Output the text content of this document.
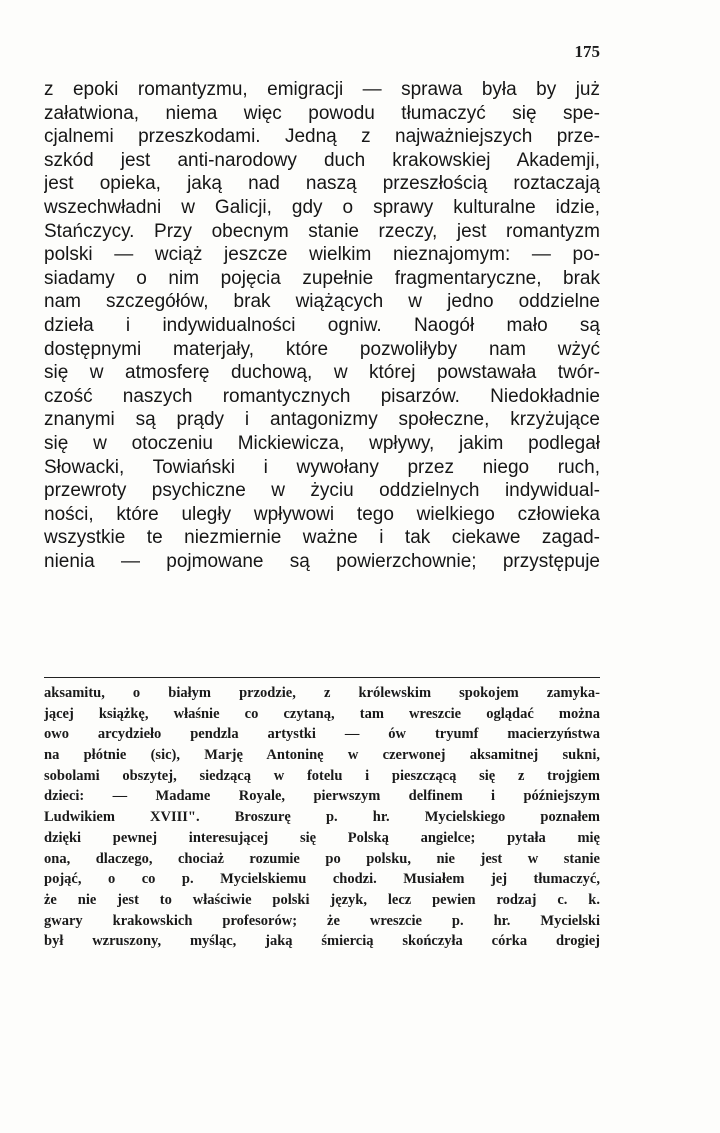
175
z epoki romantyzmu, emigracji — sprawa była by już
załatwiona, niema więc powodu tłumaczyć się spe-
cjalnemi przeszkodami. Jedną z najważniejszych prze-
szkód jest anti-narodowy duch krakowskiej Akademji,
jest opieka, jaką nad naszą przeszłością roztaczają
wszechwładni w Galicji, gdy o sprawy kulturalne idzie,
Stańczycy. Przy obecnym stanie rzeczy, jest romantyzm
polski — wciąż jeszcze wielkim nieznajomym: — po-
siadamy o nim pojęcia zupełnie fragmentaryczne, brak
nam szczegółów, brak wiążących w jedno oddzielne
dzieła i indywidualności ogniw. Naogół mało są
dostępnymi materjały, które pozwoliłyby nam wżyć
się w atmosferę duchową, w której powstawała twór-
czość naszych romantycznych pisarzów. Niedokładnie
znanymi są prądy i antagonizmy społeczne, krzyżujące
się w otoczeniu Mickiewicza, wpływy, jakim podlegał
Słowacki, Towiański i wywołany przez niego ruch,
przewroty psychiczne w życiu oddzielnych indywidual-
ności, które uległy wpływowi tego wielkiego człowieka
wszystkie te niezmiernie ważne i tak ciekawe zagad-
nienia — pojmowane są powierzchownie; przystępuje
aksamitu, o białym przodzie, z królewskim spokojem zamyka-
jącej książkę, właśnie co czytaną, tam wreszcie oglądać można
owo arcydzieło pendzla artystki — ów tryumf macierzyństwa
na płótnie (sic), Marję Antoninę w czerwonej aksamitnej sukni,
sobolami obszytej, siedzącą w fotelu i pieszczącą się z trojgiem
dzieci: — Madame Royale, pierwszym delfinem i późniejszym
Ludwikiem XVIII". Broszurę p. hr. Mycielskiego poznałem
dzięki pewnej interesującej się Polską angielce; pytała mię
ona, dlaczego, chociaż rozumie po polsku, nie jest w stanie
pojąć, o co p. Mycielskiemu chodzi. Musiałem jej tłumaczyć,
że nie jest to właściwie polski język, lecz pewien rodzaj c. k.
gwary krakowskich profesorów; że wreszcie p. hr. Mycielski
był wzruszony, myśląc, jaką śmiercią skończyła córka drogiej
